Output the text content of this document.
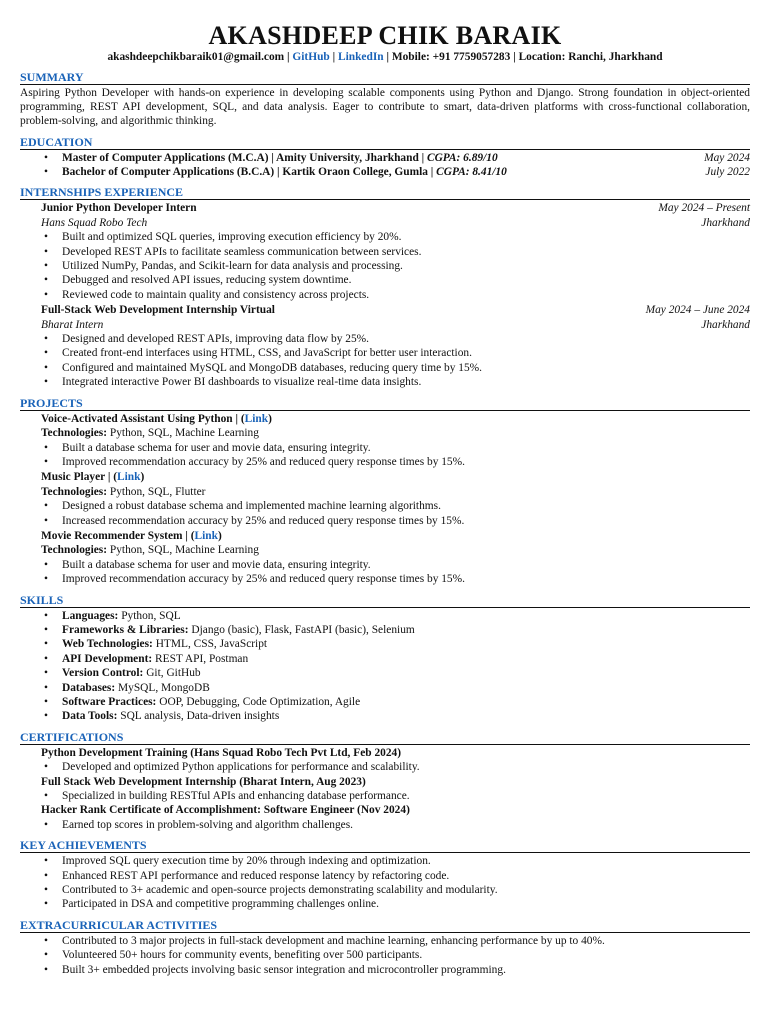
AKASHDEEP CHIK BARAIK
akashdeepchikbaraik01@gmail.com | GitHub | LinkedIn | Mobile: +91 7759057283 | Location: Ranchi, Jharkhand
SUMMARY
Aspiring Python Developer with hands-on experience in developing scalable components using Python and Django. Strong foundation in object-oriented programming, REST API development, SQL, and data analysis. Eager to contribute to smart, data-driven platforms with cross-functional collaboration, problem-solving, and algorithmic thinking.
EDUCATION
• Master of Computer Applications (M.C.A) | Amity University, Jharkhand | CGPA: 6.89/10	May 2024
• Bachelor of Computer Applications (B.C.A) | Kartik Oraon College, Gumla | CGPA: 8.41/10	July 2022
INTERNSHIPS EXPERIENCE
Junior Python Developer Intern	May 2024 – Present
Hans Squad Robo Tech	Jharkhand
• Built and optimized SQL queries, improving execution efficiency by 20%.
• Developed REST APIs to facilitate seamless communication between services.
• Utilized NumPy, Pandas, and Scikit-learn for data analysis and processing.
• Debugged and resolved API issues, reducing system downtime.
• Reviewed code to maintain quality and consistency across projects.
Full-Stack Web Development Internship Virtual	May 2024 – June 2024
Bharat Intern	Jharkhand
• Designed and developed REST APIs, improving data flow by 25%.
• Created front-end interfaces using HTML, CSS, and JavaScript for better user interaction.
• Configured and maintained MySQL and MongoDB databases, reducing query time by 15%.
• Integrated interactive Power BI dashboards to visualize real-time data insights.
PROJECTS
Voice-Activated Assistant Using Python | (Link)
Technologies: Python, SQL, Machine Learning
• Built a database schema for user and movie data, ensuring integrity.
• Improved recommendation accuracy by 25% and reduced query response times by 15%.
Music Player | (Link)
Technologies: Python, SQL, Flutter
• Designed a robust database schema and implemented machine learning algorithms.
• Increased recommendation accuracy by 25% and reduced query response times by 15%.
Movie Recommender System | (Link)
Technologies: Python, SQL, Machine Learning
• Built a database schema for user and movie data, ensuring integrity.
• Improved recommendation accuracy by 25% and reduced query response times by 15%.
SKILLS
• Languages: Python, SQL
• Frameworks & Libraries: Django (basic), Flask, FastAPI (basic), Selenium
• Web Technologies: HTML, CSS, JavaScript
• API Development: REST API, Postman
• Version Control: Git, GitHub
• Databases: MySQL, MongoDB
• Software Practices: OOP, Debugging, Code Optimization, Agile
• Data Tools: SQL analysis, Data-driven insights
CERTIFICATIONS
Python Development Training (Hans Squad Robo Tech Pvt Ltd, Feb 2024)
• Developed and optimized Python applications for performance and scalability.
Full Stack Web Development Internship (Bharat Intern, Aug 2023)
• Specialized in building RESTful APIs and enhancing database performance.
Hacker Rank Certificate of Accomplishment: Software Engineer (Nov 2024)
• Earned top scores in problem-solving and algorithm challenges.
KEY ACHIEVEMENTS
• Improved SQL query execution time by 20% through indexing and optimization.
• Enhanced REST API performance and reduced response latency by refactoring code.
• Contributed to 3+ academic and open-source projects demonstrating scalability and modularity.
• Participated in DSA and competitive programming challenges online.
EXTRACURRICULAR ACTIVITIES
• Contributed to 3 major projects in full-stack development and machine learning, enhancing performance by up to 40%.
• Volunteered 50+ hours for community events, benefiting over 500 participants.
• Built 3+ embedded projects involving basic sensor integration and microcontroller programming.
